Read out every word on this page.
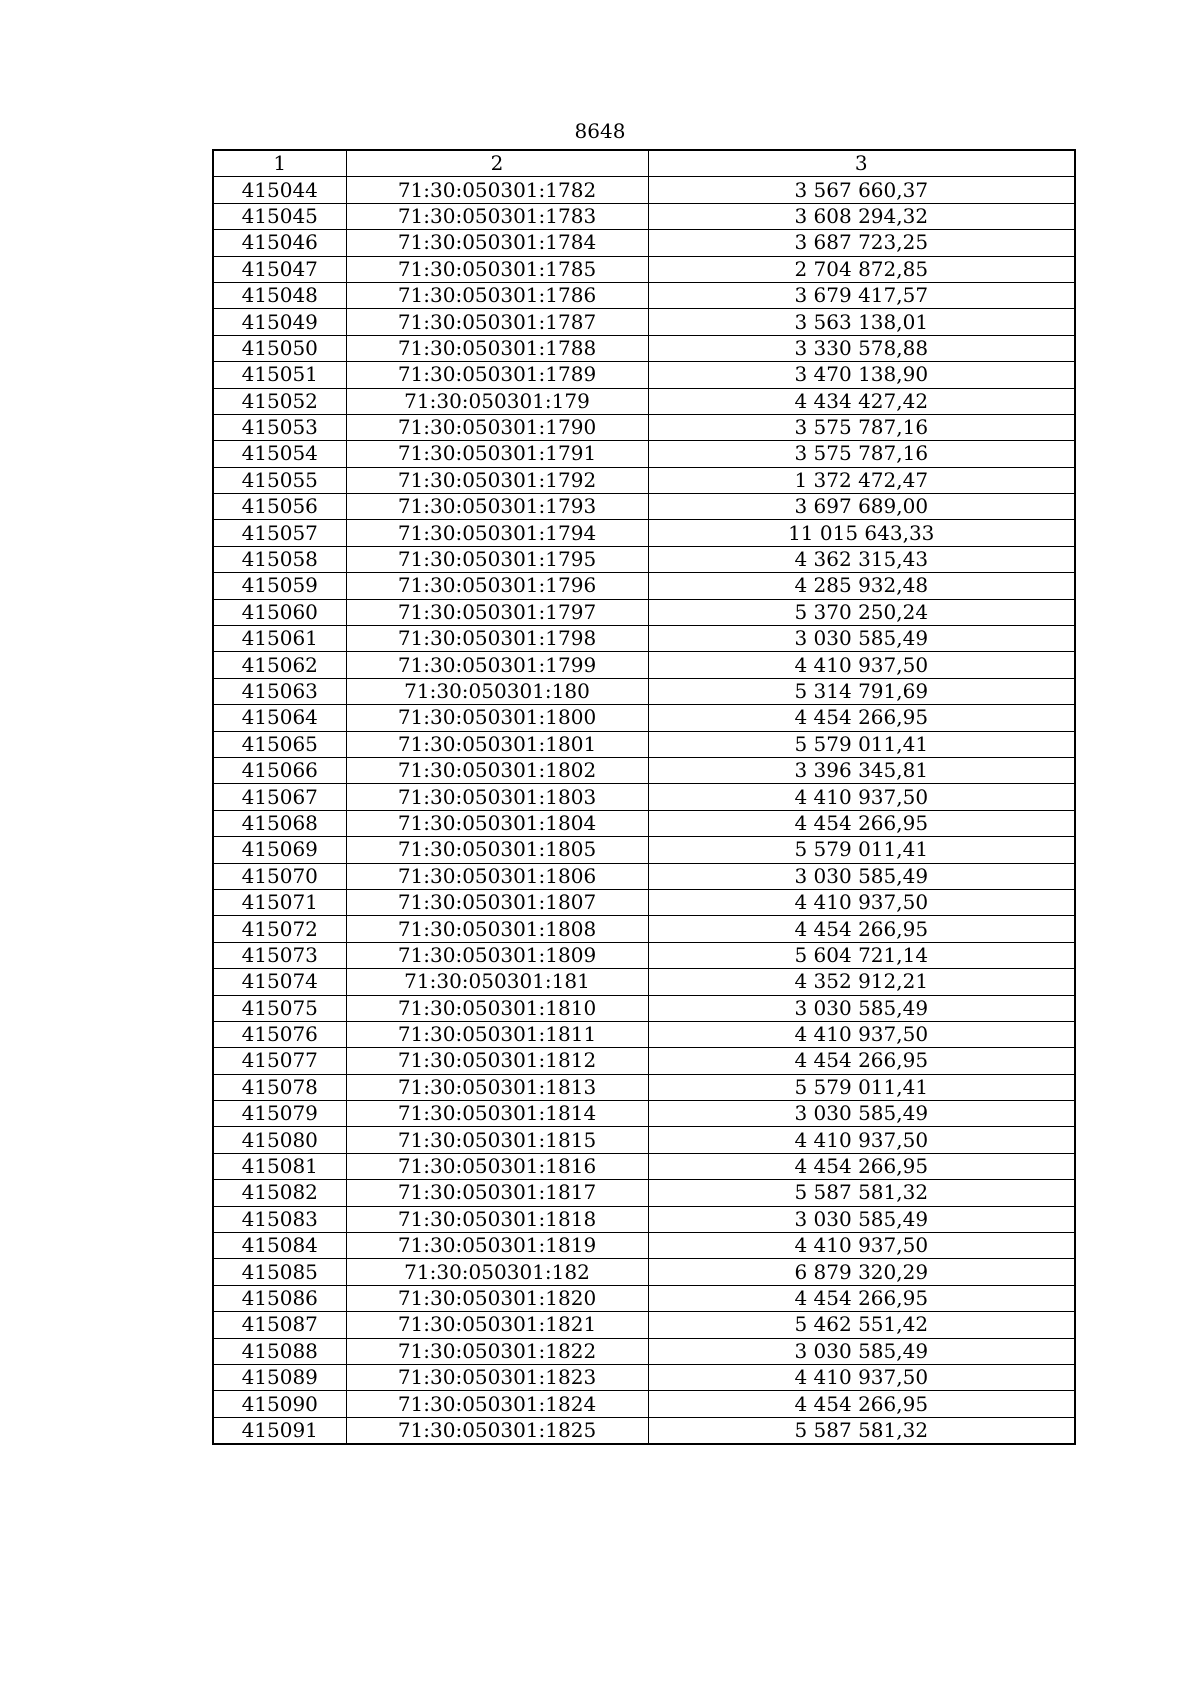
8648
1	2	3
415044	71:30:050301:1782	3 567 660,37
415045	71:30:050301:1783	3 608 294,32
415046	71:30:050301:1784	3 687 723,25
415047	71:30:050301:1785	2 704 872,85
415048	71:30:050301:1786	3 679 417,57
415049	71:30:050301:1787	3 563 138,01
415050	71:30:050301:1788	3 330 578,88
415051	71:30:050301:1789	3 470 138,90
415052	71:30:050301:179	4 434 427,42
415053	71:30:050301:1790	3 575 787,16
415054	71:30:050301:1791	3 575 787,16
415055	71:30:050301:1792	1 372 472,47
415056	71:30:050301:1793	3 697 689,00
415057	71:30:050301:1794	11 015 643,33
415058	71:30:050301:1795	4 362 315,43
415059	71:30:050301:1796	4 285 932,48
415060	71:30:050301:1797	5 370 250,24
415061	71:30:050301:1798	3 030 585,49
415062	71:30:050301:1799	4 410 937,50
415063	71:30:050301:180	5 314 791,69
415064	71:30:050301:1800	4 454 266,95
415065	71:30:050301:1801	5 579 011,41
415066	71:30:050301:1802	3 396 345,81
415067	71:30:050301:1803	4 410 937,50
415068	71:30:050301:1804	4 454 266,95
415069	71:30:050301:1805	5 579 011,41
415070	71:30:050301:1806	3 030 585,49
415071	71:30:050301:1807	4 410 937,50
415072	71:30:050301:1808	4 454 266,95
415073	71:30:050301:1809	5 604 721,14
415074	71:30:050301:181	4 352 912,21
415075	71:30:050301:1810	3 030 585,49
415076	71:30:050301:1811	4 410 937,50
415077	71:30:050301:1812	4 454 266,95
415078	71:30:050301:1813	5 579 011,41
415079	71:30:050301:1814	3 030 585,49
415080	71:30:050301:1815	4 410 937,50
415081	71:30:050301:1816	4 454 266,95
415082	71:30:050301:1817	5 587 581,32
415083	71:30:050301:1818	3 030 585,49
415084	71:30:050301:1819	4 410 937,50
415085	71:30:050301:182	6 879 320,29
415086	71:30:050301:1820	4 454 266,95
415087	71:30:050301:1821	5 462 551,42
415088	71:30:050301:1822	3 030 585,49
415089	71:30:050301:1823	4 410 937,50
415090	71:30:050301:1824	4 454 266,95
415091	71:30:050301:1825	5 587 581,32
